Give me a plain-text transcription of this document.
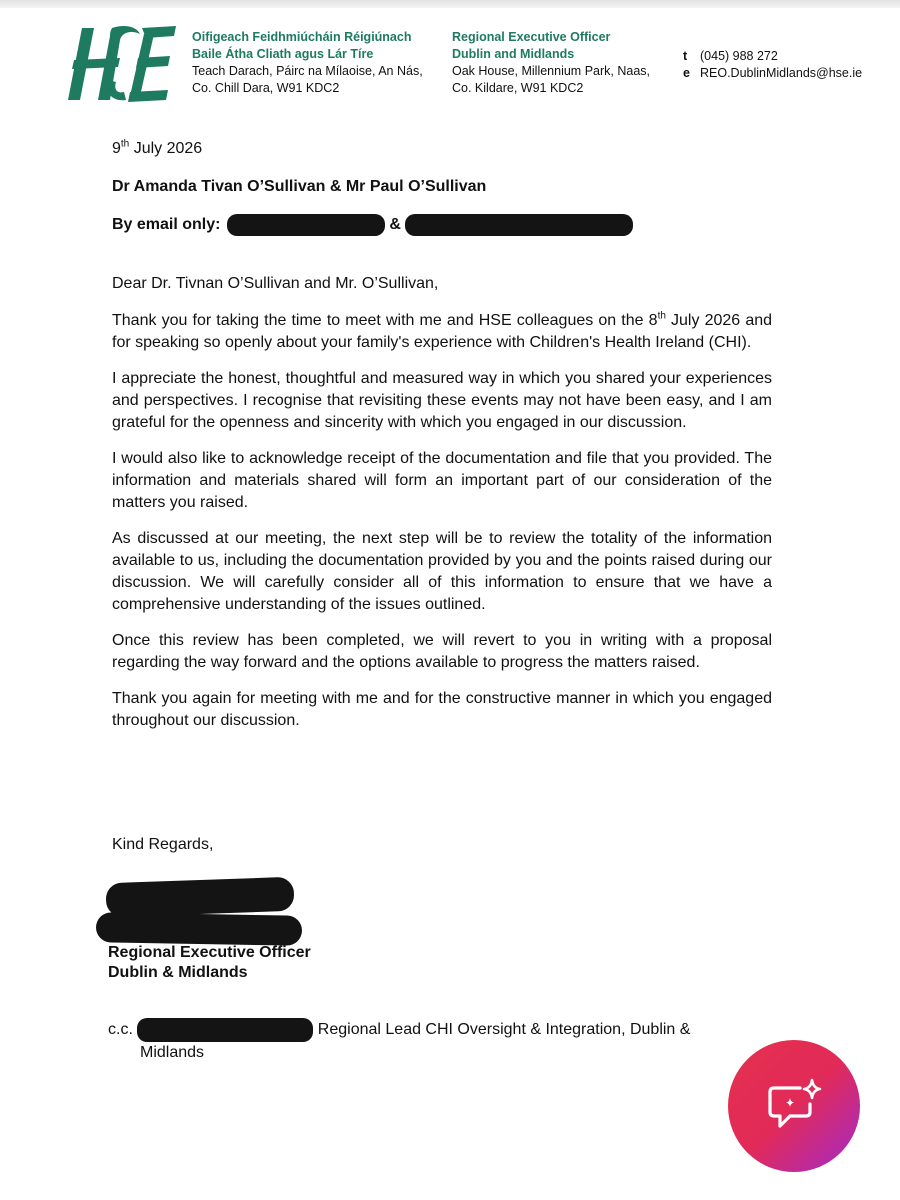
Oifigeach Feidhmiúcháin Réigiúnach
Baile Átha Cliath agus Lár Tíre
Teach Darach, Páirc na Mílaoise, An Nás,
Co. Chill Dara, W91 KDC2
Regional Executive Officer
Dublin and Midlands
Oak House, Millennium Park, Naas,
Co. Kildare, W91 KDC2
t (045) 988 272
e REO.DublinMidlands@hse.ie
9th July 2026
Dr Amanda Tivan O’Sullivan & Mr Paul O’Sullivan
By email only:	&
Dear Dr. Tivnan O’Sullivan and Mr. O’Sullivan,

Thank you for taking the time to meet with me and HSE colleagues on the 8th July 2026 and for speaking so openly about your family's experience with Children's Health Ireland (CHI).

I appreciate the honest, thoughtful and measured way in which you shared your experiences and perspectives. I recognise that revisiting these events may not have been easy, and I am grateful for the openness and sincerity with which you engaged in our discussion.

I would also like to acknowledge receipt of the documentation and file that you provided. The information and materials shared will form an important part of our consideration of the matters you raised.

As discussed at our meeting, the next step will be to review the totality of the information available to us, including the documentation provided by you and the points raised during our discussion. We will carefully consider all of this information to ensure that we have a comprehensive understanding of the issues outlined.

Once this review has been completed, we will revert to you in writing with a proposal regarding the way forward and the options available to progress the matters raised.

Thank you again for meeting with me and for the constructive manner in which you engaged throughout our discussion.

Kind Regards,
Regional Executive Officer
Dublin & Midlands
c.c.	Regional Lead CHI Oversight & Integration, Dublin &
Midlands
